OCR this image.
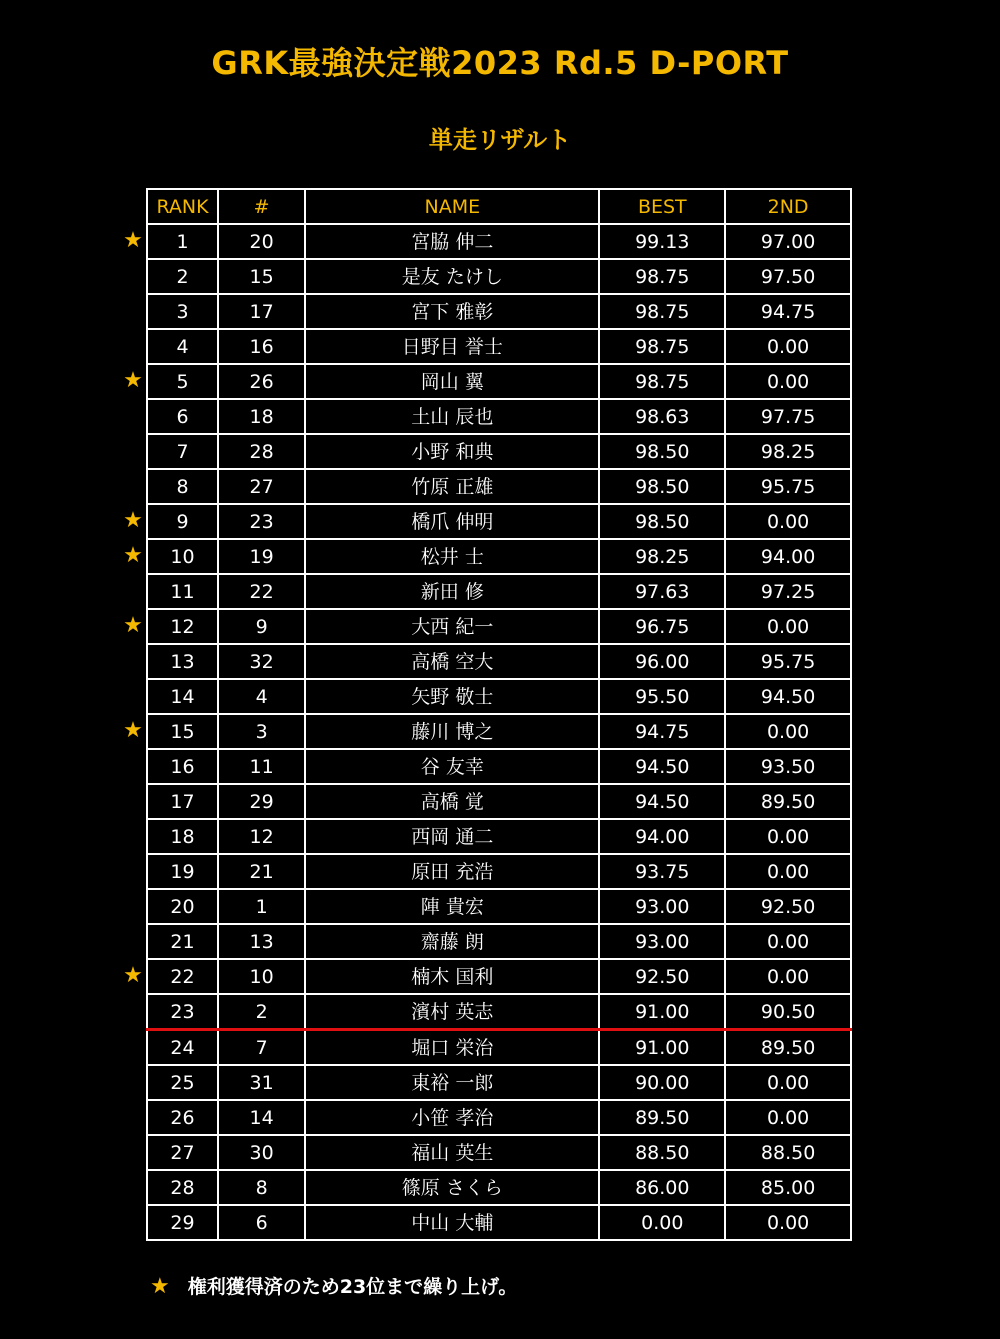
GRK最強決定戦2023 Rd.5 D-PORT
単走リザルト
★
★
★
★
★
★
★
RANK	#	NAME	BEST	2ND
1	20	宮脇 伸二	99.13	97.00
2	15	是友 たけし	98.75	97.50
3	17	宮下 雅彰	98.75	94.75
4	16	日野目 誉士	98.75	0.00
5	26	岡山 翼	98.75	0.00
6	18	土山 辰也	98.63	97.75
7	28	小野 和典	98.50	98.25
8	27	竹原 正雄	98.50	95.75
9	23	橋爪 伸明	98.50	0.00
10	19	松井 士	98.25	94.00
11	22	新田 修	97.63	97.25
12	9	大西 紀一	96.75	0.00
13	32	高橋 空大	96.00	95.75
14	4	矢野 敬士	95.50	94.50
15	3	藤川 博之	94.75	0.00
16	11	谷 友幸	94.50	93.50
17	29	高橋 覚	94.50	89.50
18	12	西岡 通二	94.00	0.00
19	21	原田 充浩	93.75	0.00
20	1	陣 貴宏	93.00	92.50
21	13	齋藤 朗	93.00	0.00
22	10	楠木 国利	92.50	0.00
23	2	濱村 英志	91.00	90.50
24	7	堀口 栄治	91.00	89.50
25	31	東裕 一郎	90.00	0.00
26	14	小笹 孝治	89.50	0.00
27	30	福山 英生	88.50	88.50
28	8	篠原 さくら	86.00	85.00
29	6	中山 大輔	0.00	0.00
★ 権利獲得済のため23位まで繰り上げ。
